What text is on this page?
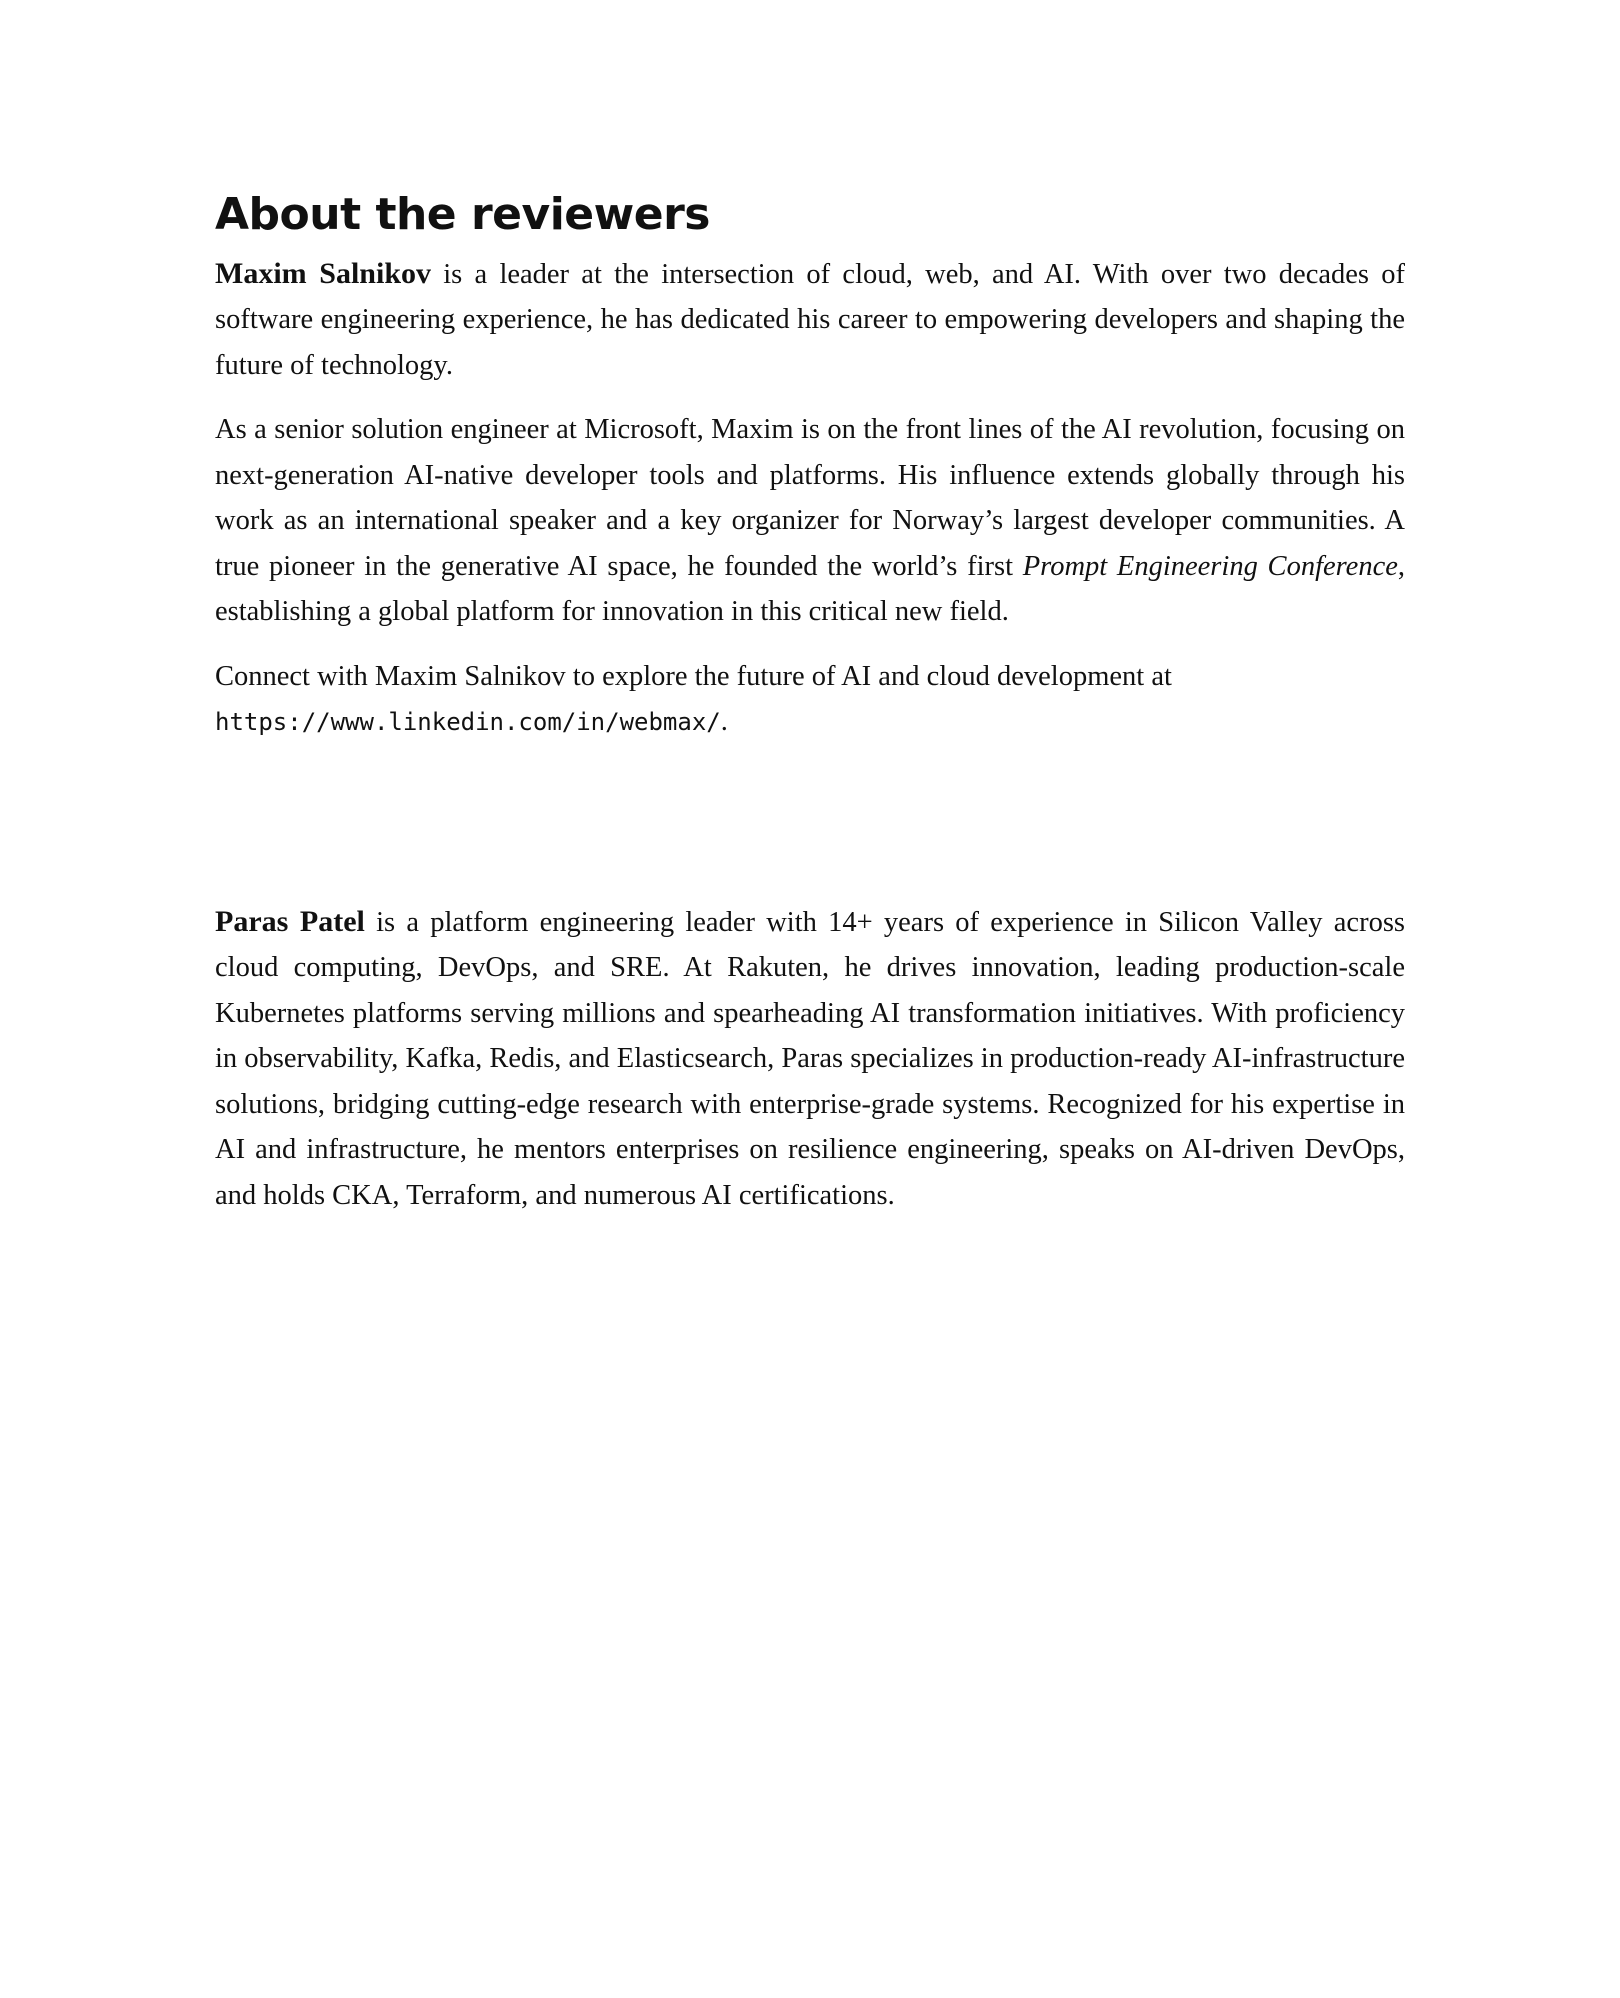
About the reviewers

Maxim Salnikov is a leader at the intersection of cloud, web, and AI. With over two decades of software engineering experience, he has dedicated his career to empowering developers and shaping the future of technology.

As a senior solution engineer at Microsoft, Maxim is on the front lines of the AI revolution, focusing on next-generation AI-native developer tools and platforms. His influence extends globally through his work as an international speaker and a key organizer for Norway’s largest developer communities. A true pioneer in the generative AI space, he founded the world’s first Prompt Engineering Conference, establishing a global platform for innovation in this critical new field.

Connect with Maxim Salnikov to explore the future of AI and cloud development at https://www.linkedin.com/in/webmax/.

Paras Patel is a platform engineering leader with 14+ years of experience in Silicon Valley across cloud computing, DevOps, and SRE. At Rakuten, he drives innovation, leading production-scale Kubernetes platforms serving millions and spearheading AI transformation initiatives. With proficiency in observability, Kafka, Redis, and Elasticsearch, Paras specializes in production-ready AI-infrastructure solutions, bridging cutting-edge research with enterprise-grade systems. Recognized for his expertise in AI and infrastructure, he mentors enterprises on resilience engineering, speaks on AI-driven DevOps, and holds CKA, Terraform, and numerous AI certifications.
